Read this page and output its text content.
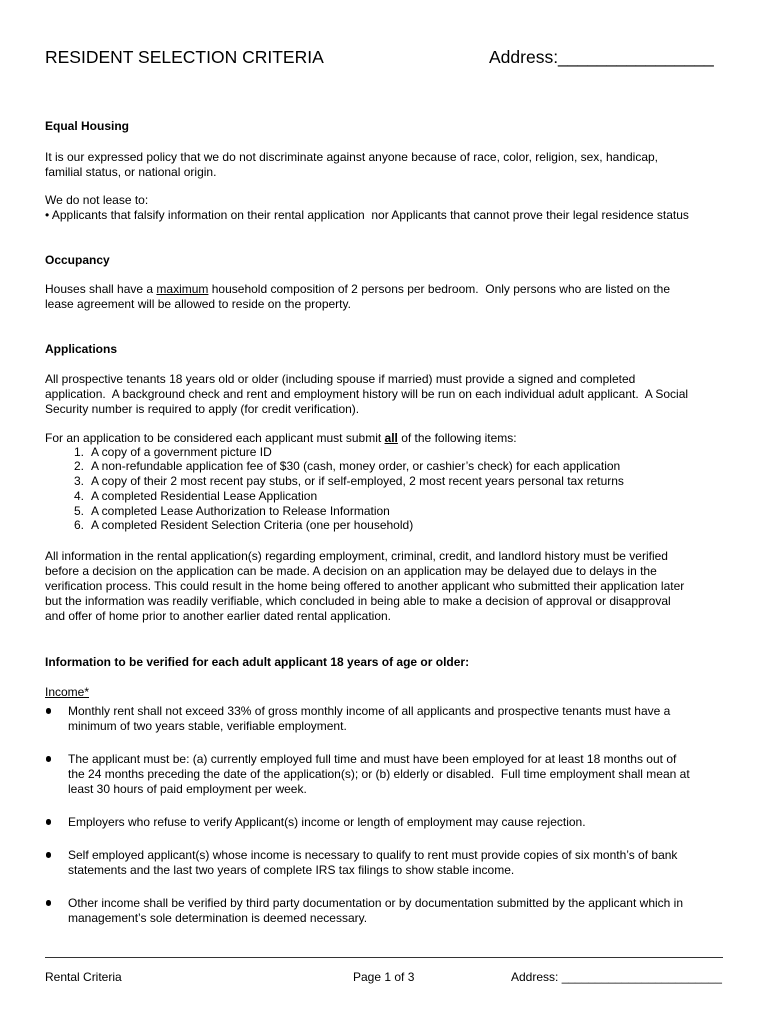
RESIDENT SELECTION CRITERIA	Address:________________
Equal Housing
It is our expressed policy that we do not discriminate against anyone because of race, color, religion, sex, handicap,
familial status, or national origin.
We do not lease to:
• Applicants that falsify information on their rental application  nor Applicants that cannot prove their legal residence status
Occupancy
Houses shall have a maximum household composition of 2 persons per bedroom.  Only persons who are listed on the
lease agreement will be allowed to reside on the property.
Applications
All prospective tenants 18 years old or older (including spouse if married) must provide a signed and completed
application.  A background check and rent and employment history will be run on each individual adult applicant.  A Social
Security number is required to apply (for credit verification).
For an application to be considered each applicant must submit all of the following items:

1.

A copy of a government picture ID

2.

A non-refundable application fee of $30 (cash, money order, or cashier’s check) for each application

3.

A copy of their 2 most recent pay stubs, or if self-employed, 2 most recent years personal tax returns

4.

A completed Residential Lease Application

5.

A completed Lease Authorization to Release Information

6.

A completed Resident Selection Criteria (one per household)

All information in the rental application(s) regarding employment, criminal, credit, and landlord history must be verified
before a decision on the application can be made. A decision on an application may be delayed due to delays in the
verification process. This could result in the home being offered to another applicant who submitted their application later
but the information was readily verifiable, which concluded in being able to make a decision of approval or disapproval
and offer of home prior to another earlier dated rental application.
Information to be verified for each adult applicant 18 years of age or older:
Income*
Monthly rent shall not exceed 33% of gross monthly income of all applicants and prospective tenants must have a
minimum of two years stable, verifiable employment.
The applicant must be: (a) currently employed full time and must have been employed for at least 18 months out of
the 24 months preceding the date of the application(s); or (b) elderly or disabled.  Full time employment shall mean at
least 30 hours of paid employment per week.
Employers who refuse to verify Applicant(s) income or length of employment may cause rejection.
Self employed applicant(s) whose income is necessary to qualify to rent must provide copies of six month’s of bank
statements and the last two years of complete IRS tax filings to show stable income.
Other income shall be verified by third party documentation or by documentation submitted by the applicant which in
management’s sole determination is deemed necessary.
Rental Criteria	Page 1 of 3	Address: ________________________
